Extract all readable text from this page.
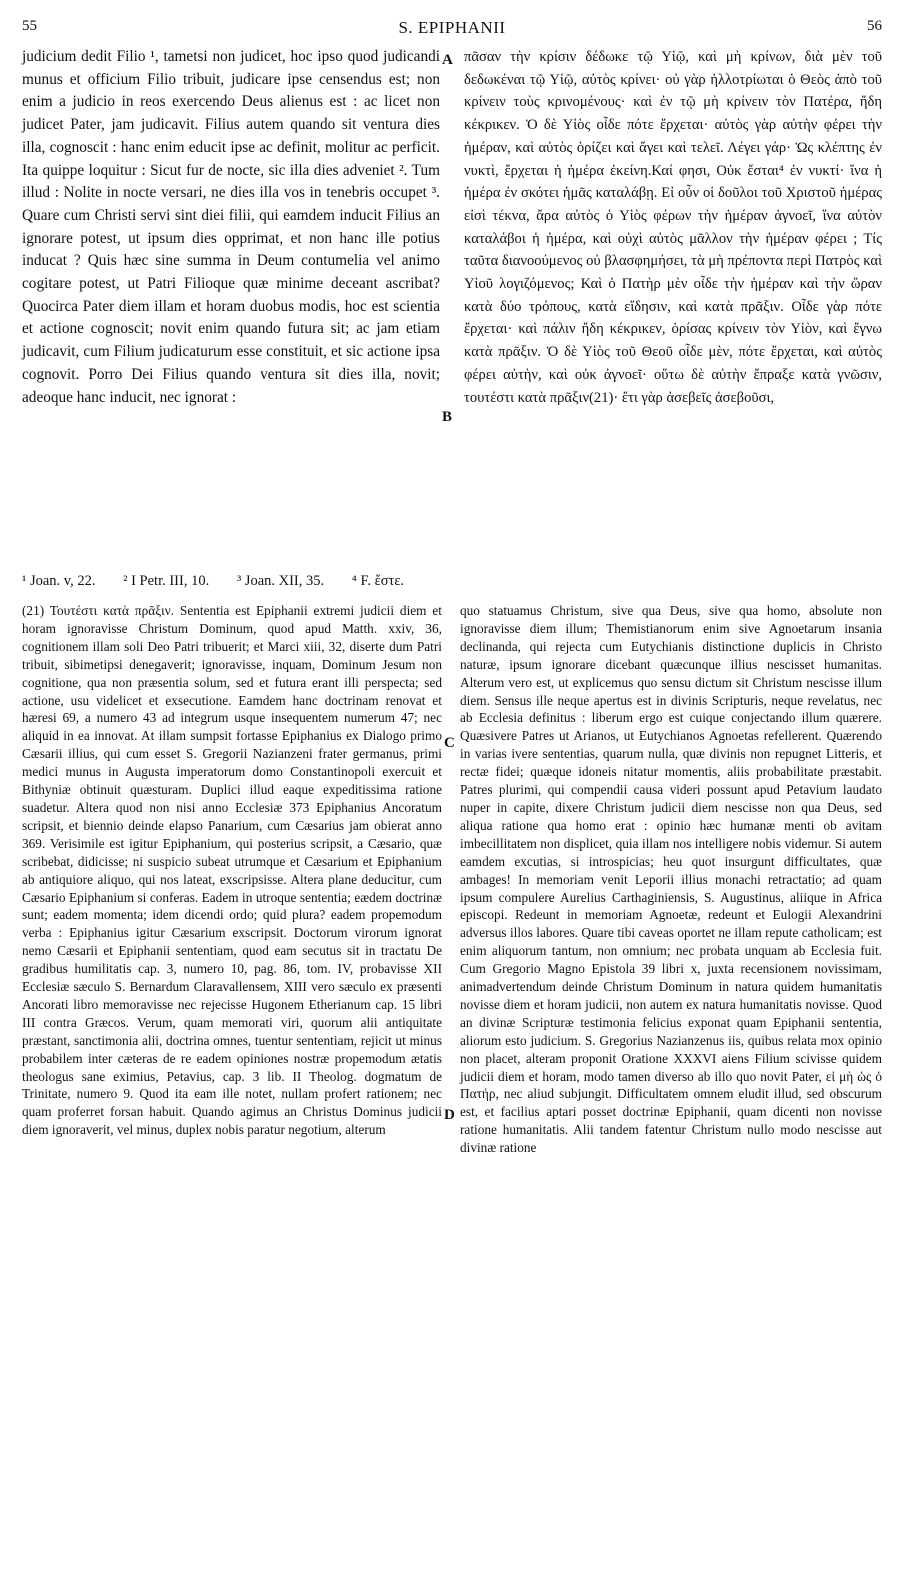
55	S. EPIPHANII	56

judicium dedit Filio ¹, tametsi non judicet, hoc ipso quod judicandi munus et officium Filio tribuit, judicare ipse censendus est; non enim a judicio in reos exercendo Deus alienus est : ac licet non judicet Pater, jam judicavit. Filius autem quando sit ventura dies illa, cognoscit : hanc enim educit ipse ac definit, molitur ac perficit. Ita quippe loquitur : Sicut fur de nocte, sic illa dies adveniet ². Tum illud : Nolite in nocte versari, ne dies illa vos in tenebris occupet ³. Quare cum Christi servi sint diei filii, qui eamdem inducit Filius an ignorare potest, ut ipsum dies opprimat, et non hanc ille potius inducat ? Quis hæc sine summa in Deum contumelia vel animo cogitare potest, ut Patri Filioque quæ minime deceant ascribat? Quocirca Pater diem illam et horam duobus modis, hoc est scientia et actione cognoscit; novit enim quando futura sit; ac jam etiam judicavit, cum Filium judicaturum esse constituit, et sic actione ipsa cognovit. Porro Dei Filius quando ventura sit dies illa, novit; adeoque hanc inducit, nec ignorat :

A
B
C
D

πᾶσαν τὴν κρίσιν δέδωκε τῷ Υἱῷ, καὶ μὴ κρίνων, διὰ μὲν τοῦ δεδωκέναι τῷ Υἱῷ, αὐτὸς κρίνει· οὐ γὰρ ἠλλοτρίωται ὁ Θεὸς ἀπὸ τοῦ κρίνειν τοὺς κρινομένους· καὶ ἐν τῷ μὴ κρίνειν τὸν Πατέρα, ἤδη κέκρικεν. Ὁ δὲ Υἱὸς οἶδε πότε ἔρχεται· αὐτὸς γὰρ αὐτὴν φέρει τὴν ἡμέραν, καὶ αὐτὸς ὁρίζει καὶ ἄγει καὶ τελεῖ. Λέγει γάρ· Ὡς κλέπτης ἐν νυκτὶ, ἔρχεται ἡ ἡμέρα ἐκείνη.Καί φησι, Οὐκ ἔσται⁴ ἐν νυκτί· ἵνα ἡ ἡμέρα ἐν σκότει ἡμᾶς καταλάβῃ. Εἰ οὖν οἱ δοῦλοι τοῦ Χριστοῦ ἡμέρας εἰσὶ τέκνα, ἄρα αὐτὸς ὁ Υἱὸς φέρων τὴν ἡμέραν ἀγνοεῖ, ἵνα αὐτὸν καταλάβοι ἡ ἡμέρα, καὶ οὐχὶ αὐτὸς μᾶλλον τὴν ἡμέραν φέρει ; Τίς ταῦτα διανοούμενος οὐ βλασφημήσει, τὰ μὴ πρέποντα περὶ Πατρὸς καὶ Υἱοῦ λογιζόμενος; Καὶ ὁ Πατὴρ μὲν οἶδε τὴν ἡμέραν καὶ τὴν ὥραν κατὰ δύο τρόπους, κατὰ εἴδησιν, καὶ κατὰ πρᾶξιν. Οἶδε γὰρ πότε ἔρχεται· καὶ πάλιν ἤδη κέκρικεν, ὁρίσας κρίνειν τὸν Υἱὸν, καὶ ἔγνω κατὰ πρᾶξιν. Ὁ δὲ Υἱὸς τοῦ Θεοῦ οἶδε μὲν, πότε ἔρχεται, καὶ αὐτὸς φέρει αὐτὴν, καὶ οὐκ ἀγνοεῖ· οὕτω δὲ αὐτὴν ἔπραξε κατὰ γνῶσιν, τουτέστι κατὰ πρᾶξιν(21)· ἔτι γὰρ ἀσεβεῖς ἀσεβοῦσι,

¹ Joan. v, 22. ² I Petr. III, 10. ³ Joan. XII, 35. ⁴ F. ἔστε.

(21) Τουτέστι κατὰ πρᾶξιν. Sententia est Epiphanii extremi judicii diem et horam ignoravisse Christum Dominum, quod apud Matth. xxiv, 36, cognitionem illam soli Deo Patri tribuerit; et Marci xiii, 32, diserte dum Patri tribuit, sibimetipsi denegaverit; ignoravisse, inquam, Dominum Jesum non cognitione, qua non præsentia solum, sed et futura erant illi perspecta; sed actione, usu videlicet et exsecutione. Eamdem hanc doctrinam renovat et hæresi 69, a numero 43 ad integrum usque insequentem numerum 47; nec aliquid in ea innovat. At illam sumpsit fortasse Epiphanius ex Dialogo primo Cæsarii illius, qui cum esset S. Gregorii Nazianzeni frater germanus, primi medici munus in Augusta imperatorum domo Constantinopoli exercuit et Bithyniæ obtinuit quæsturam. Duplici illud eaque expeditissima ratione suadetur. Altera quod non nisi anno Ecclesiæ 373 Epiphanius Ancoratum scripsit, et biennio deinde elapso Panarium, cum Cæsarius jam obierat anno 369. Verisimile est igitur Epiphanium, qui posterius scripsit, a Cæsario, quæ scribebat, didicisse; ni suspicio subeat utrumque et Cæsarium et Epiphanium ab antiquiore aliquo, qui nos lateat, exscripsisse. Altera plane deducitur, cum Cæsario Epiphanium si conferas. Eadem in utroque sententia; eædem doctrinæ sunt; eadem momenta; idem dicendi ordo; quid plura? eadem propemodum verba : Epiphanius igitur Cæsarium exscripsit. Doctorum virorum ignorat nemo Cæsarii et Epiphanii sententiam, quod eam secutus sit in tractatu De gradibus humilitatis cap. 3, numero 10, pag. 86, tom. IV, probavisse XII Ecclesiæ sæculo S. Bernardum Claravallensem, XIII vero sæculo ex præsenti Ancorati libro memoravisse nec rejecisse Hugonem Etherianum cap. 15 libri III contra Græcos. Verum, quam memorati viri, quorum alii antiquitate præstant, sanctimonia alii, doctrina omnes, tuentur sententiam, rejicit ut minus probabilem inter cæteras de re eadem opiniones nostræ propemodum ætatis theologus sane eximius, Petavius, cap. 3 lib. II Theolog. dogmatum de Trinitate, numero 9. Quod ita eam ille notet, nullam profert rationem; nec quam proferret forsan habuit. Quando agimus an Christus Dominus judicii diem ignoraverit, vel minus, duplex nobis paratur negotium, alterum

quo statuamus Christum, sive qua Deus, sive qua homo, absolute non ignoravisse diem illum; Themistianorum enim sive Agnoetarum insania declinanda, qui rejecta cum Eutychianis distinctione duplicis in Christo naturæ, ipsum ignorare dicebant quæcunque illius nescisset humanitas. Alterum vero est, ut explicemus quo sensu dictum sit Christum nescisse illum diem. Sensus ille neque apertus est in divinis Scripturis, neque revelatus, nec ab Ecclesia definitus : liberum ergo est cuique conjectando illum quærere. Quæsivere Patres ut Arianos, ut Eutychianos Agnoetas refellerent. Quærendo in varias ivere sententias, quarum nulla, quæ divinis non repugnet Litteris, et rectæ fidei; quæque idoneis nitatur momentis, aliis probabilitate præstabit. Patres plurimi, qui compendii causa videri possunt apud Petavium laudato nuper in capite, dixere Christum judicii diem nescisse non qua Deus, sed aliqua ratione qua homo erat : opinio hæc humanæ menti ob avitam imbecillitatem non displicet, quia illam nos intelligere nobis videmur. Si autem eamdem excutias, si introspicias; heu quot insurgunt difficultates, quæ ambages! In memoriam venit Leporii illius monachi retractatio; ad quam ipsum compulere Aurelius Carthaginiensis, S. Augustinus, aliique in Africa episcopi. Redeunt in memoriam Agnoetæ, redeunt et Eulogii Alexandrini adversus illos labores. Quare tibi caveas oportet ne illam repute catholicam; est enim aliquorum tantum, non omnium; nec probata unquam ab Ecclesia fuit. Cum Gregorio Magno Epistola 39 libri x, juxta recensionem novissimam, animadvertendum deinde Christum Dominum in natura quidem humanitatis novisse diem et horam judicii, non autem ex natura humanitatis novisse. Quod an divinæ Scripturæ testimonia felicius exponat quam Epiphanii sententia, aliorum esto judicium. S. Gregorius Nazianzenus iis, quibus relata mox opinio non placet, alteram proponit Oratione XXXVI aiens Filium scivisse quidem judicii diem et horam, modo tamen diverso ab illo quo novit Pater, εἰ μὴ ὡς ὁ Πατήρ, nec aliud subjungit. Difficultatem omnem eludit illud, sed obscurum est, et facilius aptari posset doctrinæ Epiphanii, quam dicenti non novisse ratione humanitatis. Alii tandem fatentur Christum nullo modo nescisse aut divinæ ratione
